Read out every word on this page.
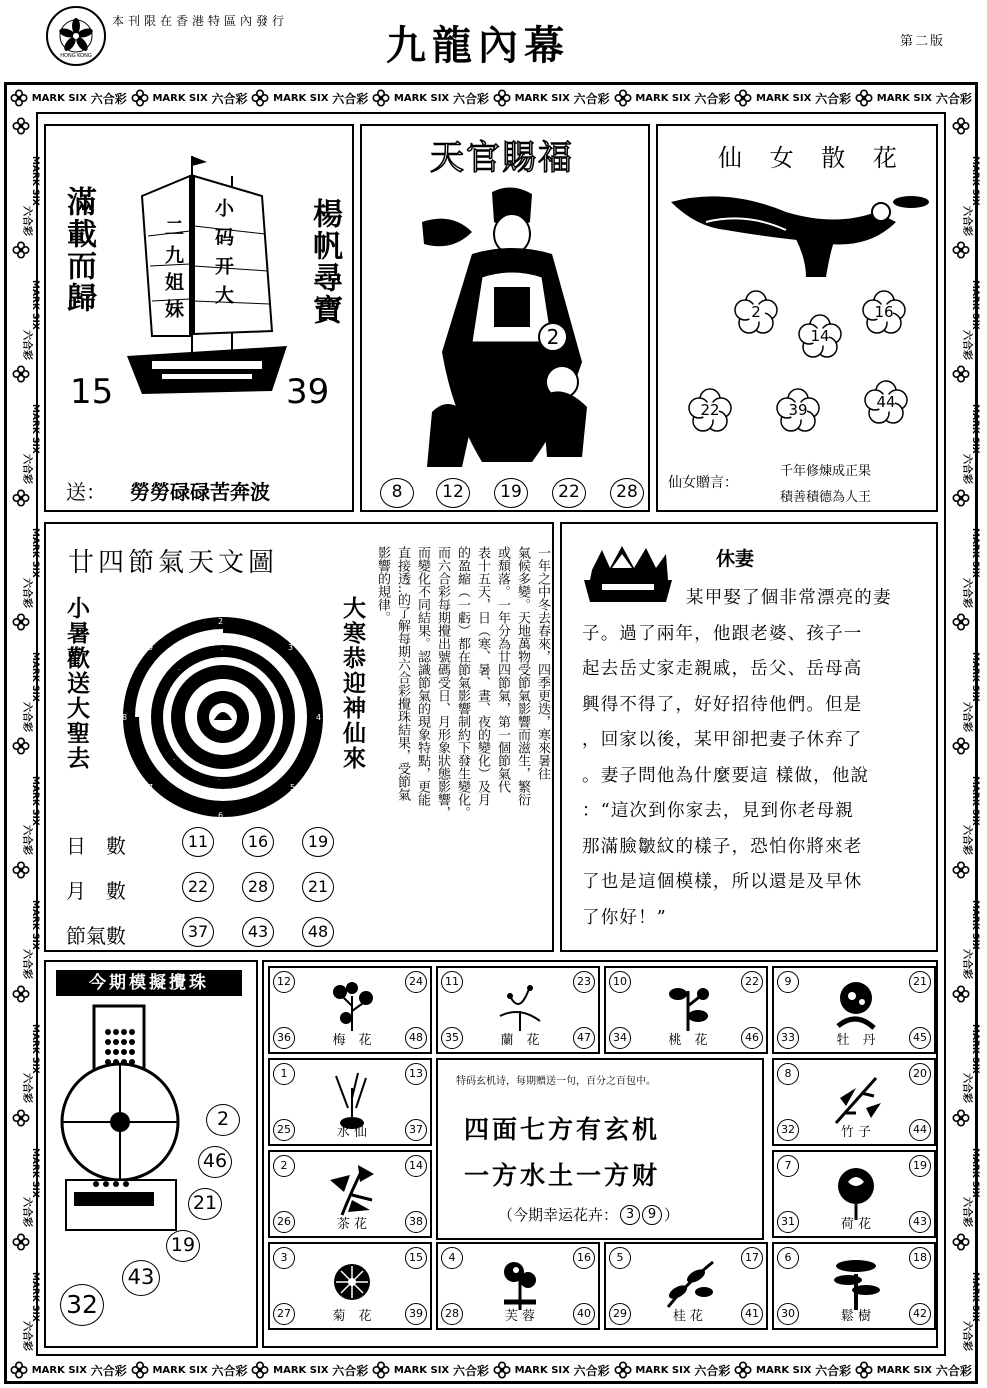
HONG KONG
本刊限在香港特區內發行
九龍內幕	第二版
MARK SIX 六合彩	MARK SIX 六合彩	MARK SIX 六合彩	MARK SIX 六合彩	MARK SIX 六合彩	MARK SIX 六合彩	MARK SIX 六合彩	MARK SIX 六合彩
MARK SIX 六合彩	MARK SIX 六合彩	MARK SIX 六合彩	MARK SIX 六合彩	MARK SIX 六合彩	MARK SIX 六合彩	MARK SIX 六合彩	MARK SIX 六合彩
MARK SIX
六合彩
MARK SIX
六合彩
MARK SIX
六合彩
MARK SIX
六合彩
MARK SIX
六合彩
MARK SIX
六合彩
MARK SIX
六合彩
MARK SIX
六合彩
MARK SIX
六合彩
MARK SIX
六合彩
MARK SIX
六合彩
MARK SIX
六合彩
MARK SIX
六合彩
MARK SIX
六合彩
MARK SIX
六合彩
MARK SIX
六合彩
MARK SIX
六合彩
MARK SIX
六合彩
MARK SIX
六合彩
MARK SIX
六合彩
滿載而歸	楊帆尋寶
二九姐妹 小码开大
15	39
送： 勞勞碌碌苦奔波
天官賜福
2
8	12	19	22	28
仙 女 散 花
2
14
16
22	39	44
仙女贈言：
千年修煉成正果
積善積德為人王
廿四節氣天文圖
小暑歡送大聖去	大寒恭迎神仙來
·
·
·
·
·
·
·
·
2
3
4
5
6
7
8
9
日　數	11	16	19
月　數	22	28	21
節氣數	37	43	48
一年之中冬去春來，四季更迭，寒來暑往
氣候多變。天地萬物受節氣影響而滋生，繁衍
或頹落。一年分為廿四節氣，第一個節氣代
表十五天，日（寒、暑、晝、夜的變化）及月
的盈縮（一虧）都在節氣影響制約下發生變化。
而六合彩每期攪出號碼受日、月形象狀態影響，
而變化不同結果。認識節氣的現象特點，更能
直接透..的了解每期六合彩攪珠結果，受節氣
影響的規律。	休妻
某甲娶了個非常漂亮的妻
子。過了兩年，他跟老婆、孩子一
起去岳丈家走親戚，岳父、岳母高
興得不得了，好好招待他們。但是
，回家以後，某甲卻把妻子休弃了
。妻子問他為什麼要這 樣做，他說
：“這次到你家去，見到你老母親
那滿臉皺紋的樣子，恐怕你將來老
了也是這個模樣，所以還是及早休
了你好！”
今期模擬攪珠
2
46
21
19
43
32
12	24
36	48
梅　花
11	23
35	47
蘭　花
10	22
34	46
桃　花
9	21
33	45
牡　丹
1	13
25	37
水 仙
8	20
32	44
竹 子
2	14
26	38
茶 花
7	19
31	43
荷 花
3	15
27	39
菊　花
4	16
28	40
芙 蓉
5	17
29	41
桂 花
6	18
30	42
鬆 樹
特码玄机诗，每期赠送一句，百分之百包中。
四面七方有玄机
一方水土一方财
（今期幸运花卉： 3	9 ）
